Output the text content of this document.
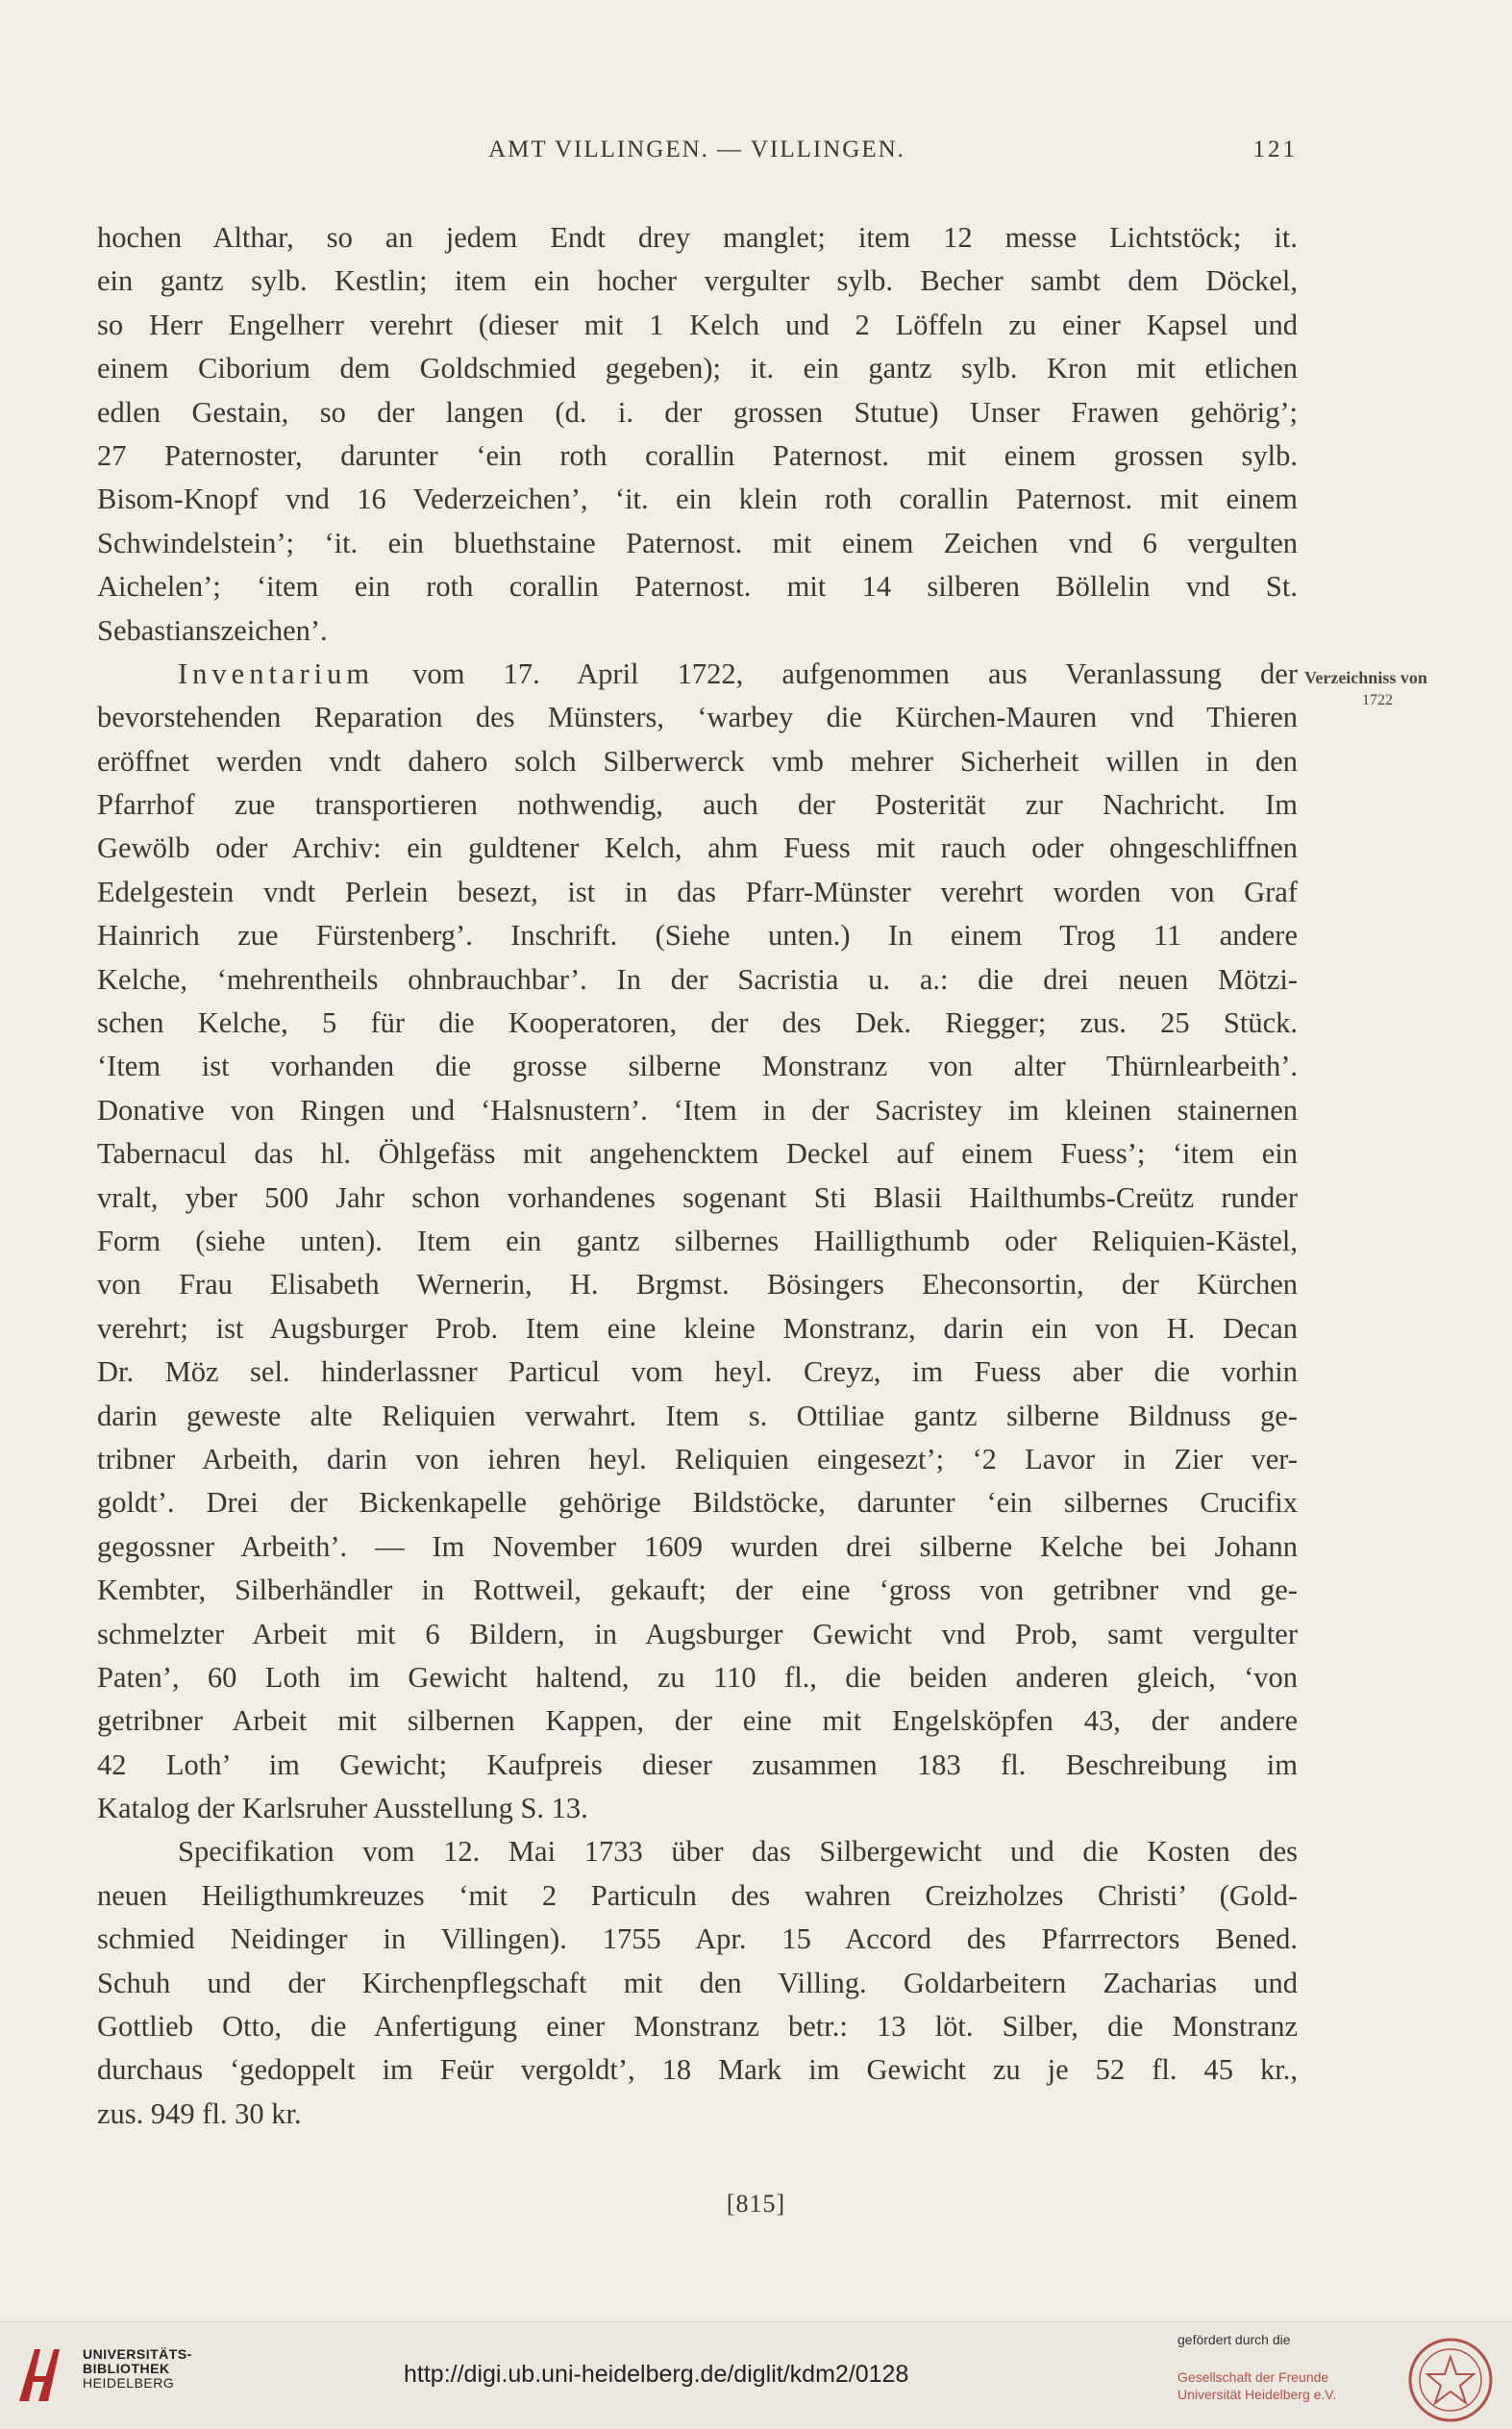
AMT VILLINGEN. — VILLINGEN.	121
hochen Althar, so an jedem Endt drey manglet; item 12 messe Lichtstöck; it.
ein gantz sylb. Kestlin; item ein hocher vergulter sylb. Becher sambt dem Döckel,
so Herr Engelherr verehrt (dieser mit 1 Kelch und 2 Löffeln zu einer Kapsel und
einem Ciborium dem Goldschmied gegeben); it. ein gantz sylb. Kron mit etlichen
edlen Gestain, so der langen (d. i. der grossen Stutue) Unser Frawen gehörig’;
27 Paternoster, darunter ‘ein roth corallin Paternost. mit einem grossen sylb.
Bisom-Knopf vnd 16 Vederzeichen’, ‘it. ein klein roth corallin Paternost. mit einem
Schwindelstein’; ‘it. ein bluethstaine Paternost. mit einem Zeichen vnd 6 vergulten
Aichelen’; ‘item ein roth corallin Paternost. mit 14 silberen Böllelin vnd St.
Sebastianszeichen’.
Inventarium vom 17. April 1722, aufgenommen aus Veranlassung der
bevorstehenden Reparation des Münsters, ‘warbey die Kürchen-Mauren vnd Thieren
eröffnet werden vndt dahero solch Silberwerck vmb mehrer Sicherheit willen in den
Pfarrhof zue transportieren nothwendig, auch der Posterität zur Nachricht. Im
Gewölb oder Archiv: ein guldtener Kelch, ahm Fuess mit rauch oder ohngeschliffnen
Edelgestein vndt Perlein besezt, ist in das Pfarr-Münster verehrt worden von Graf
Hainrich zue Fürstenberg’. Inschrift. (Siehe unten.) In einem Trog 11 andere
Kelche, ‘mehrentheils ohnbrauchbar’. In der Sacristia u. a.: die drei neuen Mötzi-
schen Kelche, 5 für die Kooperatoren, der des Dek. Riegger; zus. 25 Stück.
‘Item ist vorhanden die grosse silberne Monstranz von alter Thürnlearbeith’.
Donative von Ringen und ‘Halsnustern’. ‘Item in der Sacristey im kleinen stainernen
Tabernacul das hl. Öhlgefäss mit angehencktem Deckel auf einem Fuess’; ‘item ein
vralt, yber 500 Jahr schon vorhandenes sogenant Sti Blasii Hailthumbs-Creütz runder
Form (siehe unten). Item ein gantz silbernes Hailligthumb oder Reliquien-Kästel,
von Frau Elisabeth Wernerin, H. Brgmst. Bösingers Eheconsortin, der Kürchen
verehrt; ist Augsburger Prob. Item eine kleine Monstranz, darin ein von H. Decan
Dr. Möz sel. hinderlassner Particul vom heyl. Creyz, im Fuess aber die vorhin
darin geweste alte Reliquien verwahrt. Item s. Ottiliae gantz silberne Bildnuss ge-
tribner Arbeith, darin von iehren heyl. Reliquien eingesezt’; ‘2 Lavor in Zier ver-
goldt’. Drei der Bickenkapelle gehörige Bildstöcke, darunter ‘ein silbernes Crucifix
gegossner Arbeith’. — Im November 1609 wurden drei silberne Kelche bei Johann
Kembter, Silberhändler in Rottweil, gekauft; der eine ‘gross von getribner vnd ge-
schmelzter Arbeit mit 6 Bildern, in Augsburger Gewicht vnd Prob, samt vergulter
Paten’, 60 Loth im Gewicht haltend, zu 110 fl., die beiden anderen gleich, ‘von
getribner Arbeit mit silbernen Kappen, der eine mit Engelsköpfen 43, der andere
42 Loth’ im Gewicht; Kaufpreis dieser zusammen 183 fl. Beschreibung im
Katalog der Karlsruher Ausstellung S. 13.
Specifikation vom 12. Mai 1733 über das Silbergewicht und die Kosten des
neuen Heiligthumkreuzes ‘mit 2 Particuln des wahren Creizholzes Christi’ (Gold-
schmied Neidinger in Villingen). 1755 Apr. 15 Accord des Pfarrrectors Bened.
Schuh und der Kirchenpflegschaft mit den Villing. Goldarbeitern Zacharias und
Gottlieb Otto, die Anfertigung einer Monstranz betr.: 13 löt. Silber, die Monstranz
durchaus ‘gedoppelt im Feür vergoldt’, 18 Mark im Gewicht zu je 52 fl. 45 kr.,
zus. 949 fl. 30 kr.
Verzeichniss von
1722
[815]
UNIVERSITÄTS-
BIBLIOTHEK
HEIDELBERG	http://digi.ub.uni-heidelberg.de/diglit/kdm2/0128
gefördert durch die
Gesellschaft der Freunde
Universität Heidelberg e.V.
